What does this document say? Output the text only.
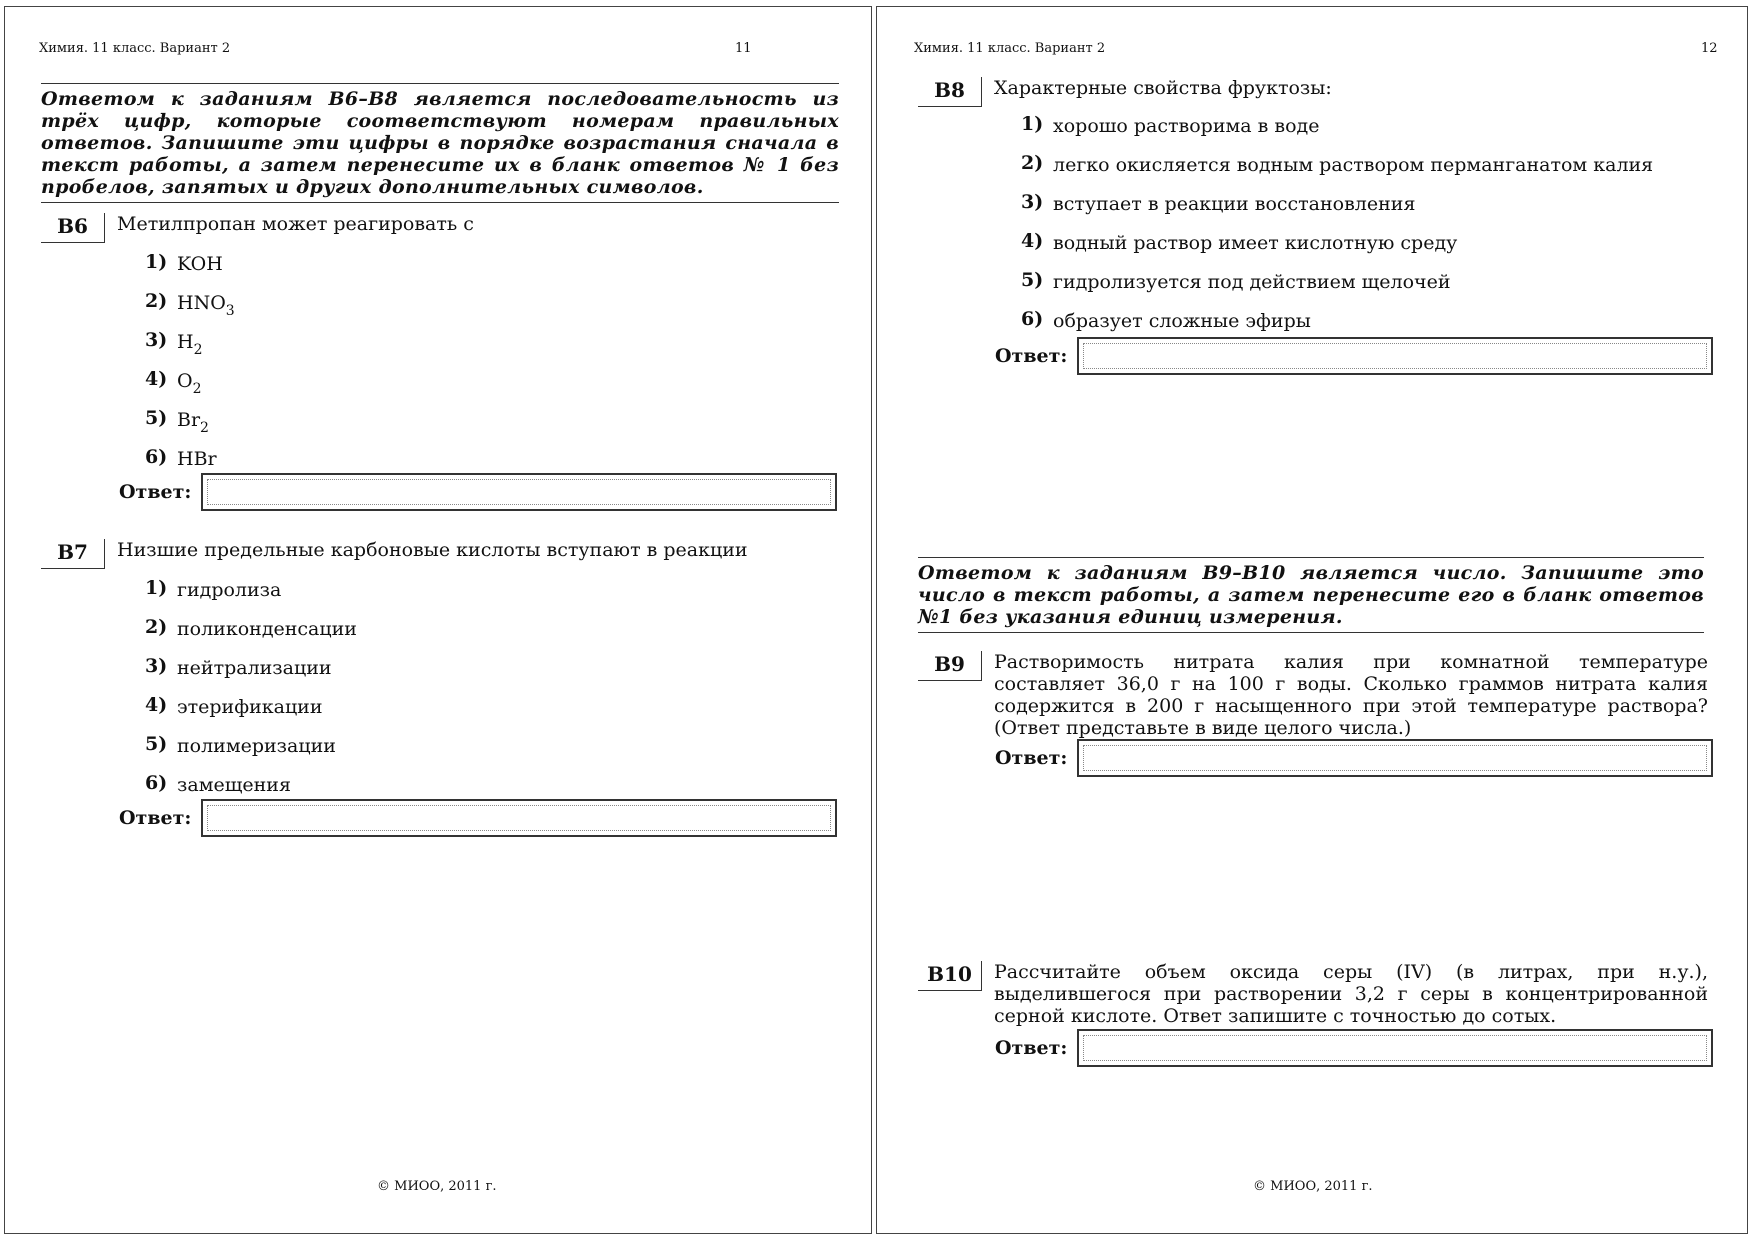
Химия. 11 класс. Вариант 2	11
Ответом к заданиям B6–B8 является последовательность из трёх цифр, которые соответствуют номерам правильных ответов. Запишите эти цифры в порядке возрастания сначала в текст работы, а затем перенесите их в бланк ответов № 1 без пробелов, запятых и других дополнительных символов.
B6	Метилпропан может реагировать с
1) KOH
2) $HNO_3$
3) $H_2$
4) $O_2$
5) $Br_2$
6) HBr
Ответ:
B7	Низшие предельные карбоновые кислоты вступают в реакции
1) гидролиза
2) поликонденсации
3) нейтрализации
4) этерификации
5) полимеризации
6) замещения
Ответ:
© МИОО, 2011 г.
Химия. 11 класс. Вариант 2	12
B8	Характерные свойства фруктозы:
1) хорошо растворима в воде
2) легко окисляется водным раствором перманганатом калия
3) вступает в реакции восстановления
4) водный раствор имеет кислотную среду
5) гидролизуется под действием щелочей
6) образует сложные эфиры
Ответ:
Ответом к заданиям B9–B10 является число. Запишите это число в текст работы, а затем перенесите его в бланк ответов №1 без указания единиц измерения.
B9	Растворимость нитрата калия при комнатной температуре составляет 36,0 г на 100 г воды. Сколько граммов нитрата калия содержится в 200 г насыщенного при этой температуре раствора? (Ответ представьте в виде целого числа.)
Ответ:
B10	Рассчитайте объем оксида серы (IV) (в литрах, при н.у.), выделившегося при растворении 3,2 г серы в концентрированной серной кислоте. Ответ запишите с точностью до сотых.
Ответ:
© МИОО, 2011 г.
